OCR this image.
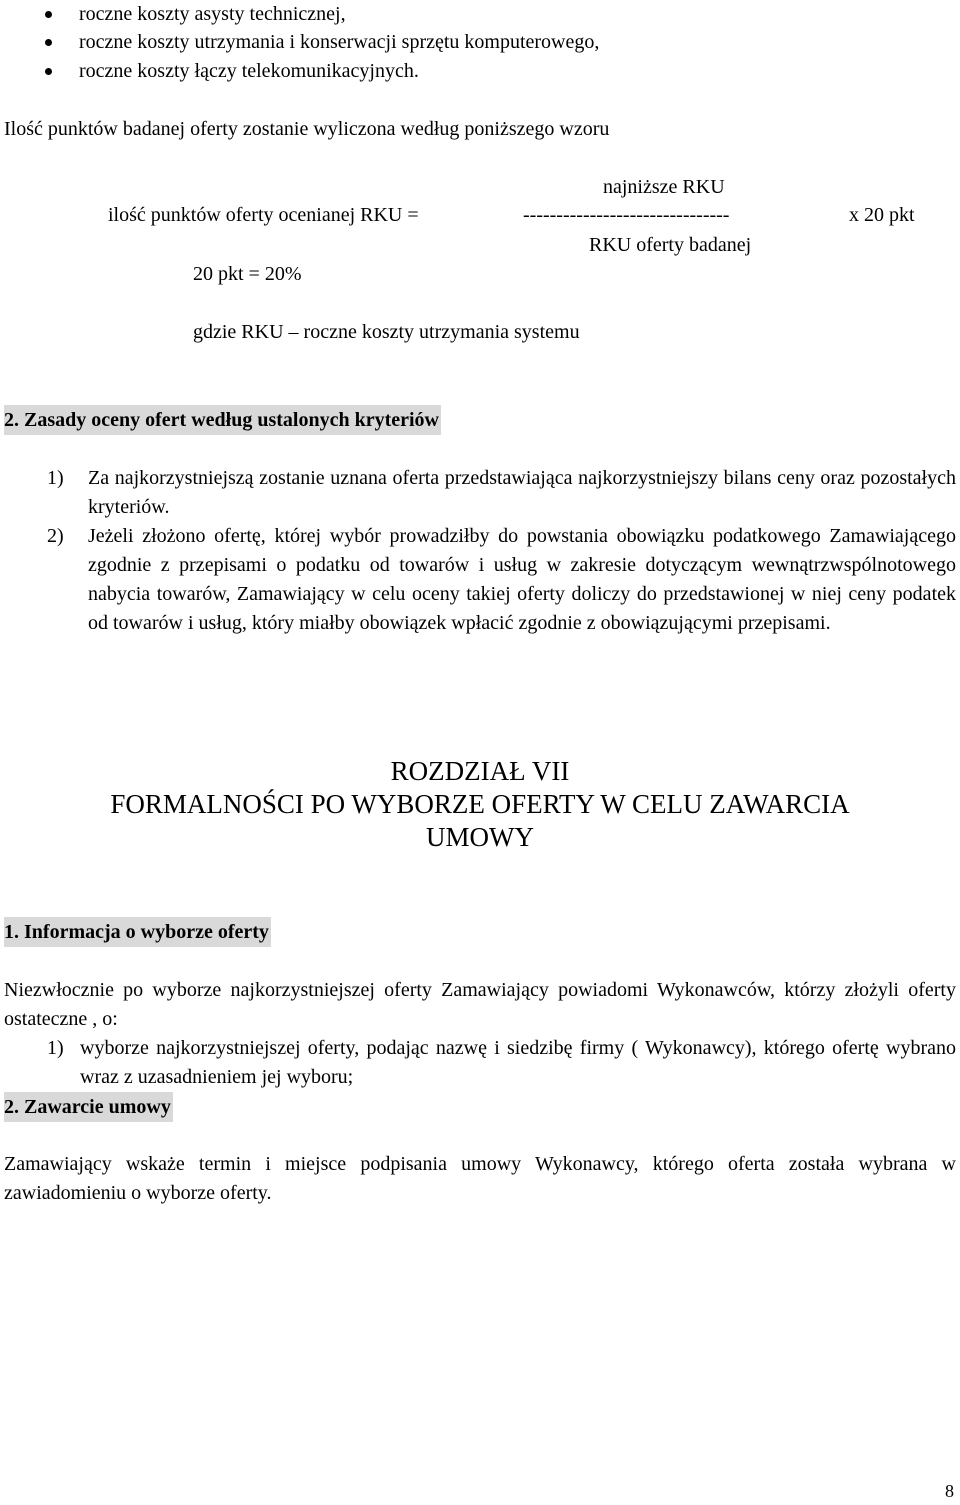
roczne koszty asysty technicznej,
roczne koszty utrzymania i konserwacji sprzętu komputerowego,
roczne koszty łączy telekomunikacyjnych.
Ilość punktów badanej oferty zostanie wyliczona według poniższego wzoru
najniższe RKU
ilość punktów oferty ocenianej RKU =	-------------------------------	x 20 pkt
RKU oferty badanej
20 pkt = 20%
gdzie RKU – roczne koszty utrzymania systemu
2. Zasady oceny ofert według ustalonych kryteriów
1) Za najkorzystniejszą zostanie uznana oferta przedstawiająca najkorzystniejszy bilans ceny oraz pozostałych kryteriów.
2) Jeżeli złożono ofertę, której wybór prowadziłby do powstania obowiązku podatkowego Zamawiającego zgodnie z przepisami o podatku od towarów i usług w zakresie dotyczącym wewnątrzwspólnotowego nabycia towarów, Zamawiający w celu oceny takiej oferty doliczy do przedstawionej w niej ceny podatek od towarów i usług, który miałby obowiązek wpłacić zgodnie z obowiązującymi przepisami.
ROZDZIAŁ VII
FORMALNOŚCI PO WYBORZE OFERTY W CELU ZAWARCIA
UMOWY
1. Informacja o wyborze oferty
Niezwłocznie po wyborze najkorzystniejszej oferty Zamawiający powiadomi Wykonawców, którzy złożyli oferty ostateczne , o:
1) wyborze najkorzystniejszej oferty, podając nazwę i siedzibę firmy ( Wykonawcy), którego ofertę wybrano wraz z uzasadnieniem jej wyboru;
2. Zawarcie umowy
Zamawiający wskaże termin i miejsce podpisania umowy Wykonawcy, którego oferta została wybrana w zawiadomieniu o wyborze oferty.
8
